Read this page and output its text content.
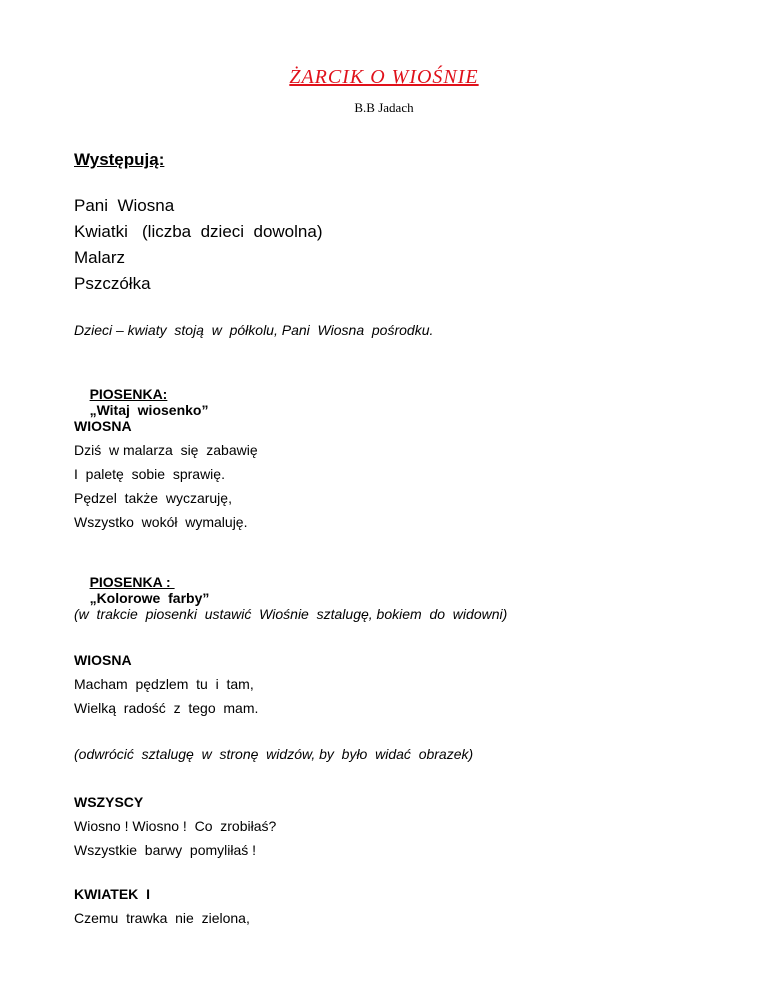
ŻARCIK O WIOŚNIE
B.B Jadach
Występują:
Pani  Wiosna
Kwiatki   (liczba  dzieci  dowolna)
Malarz
Pszczółka
Dzieci – kwiaty  stoją  w  półkolu, Pani  Wiosna  pośrodku.

PIOSENKA:
„Witaj  wiosenko”

WIOSNA
Dziś  w malarza  się  zabawię
I  paletę  sobie  sprawię.
Pędzel  także  wyczaruję,
Wszystko  wokół  wymaluję.

PIOSENKA :
„Kolorowe  farby”

(w  trakcie  piosenki  ustawić  Wiośnie  sztalugę, bokiem  do  widowni)
WIOSNA
Macham  pędzlem  tu  i  tam,
Wielką  radość  z  tego  mam.
(odwrócić  sztalugę  w  stronę  widzów, by  było  widać  obrazek)
WSZYSCY
Wiosno ! Wiosno !  Co  zrobiłaś?
Wszystkie  barwy  pomyliłaś !
KWIATEK  I
Czemu  trawka  nie  zielona,
